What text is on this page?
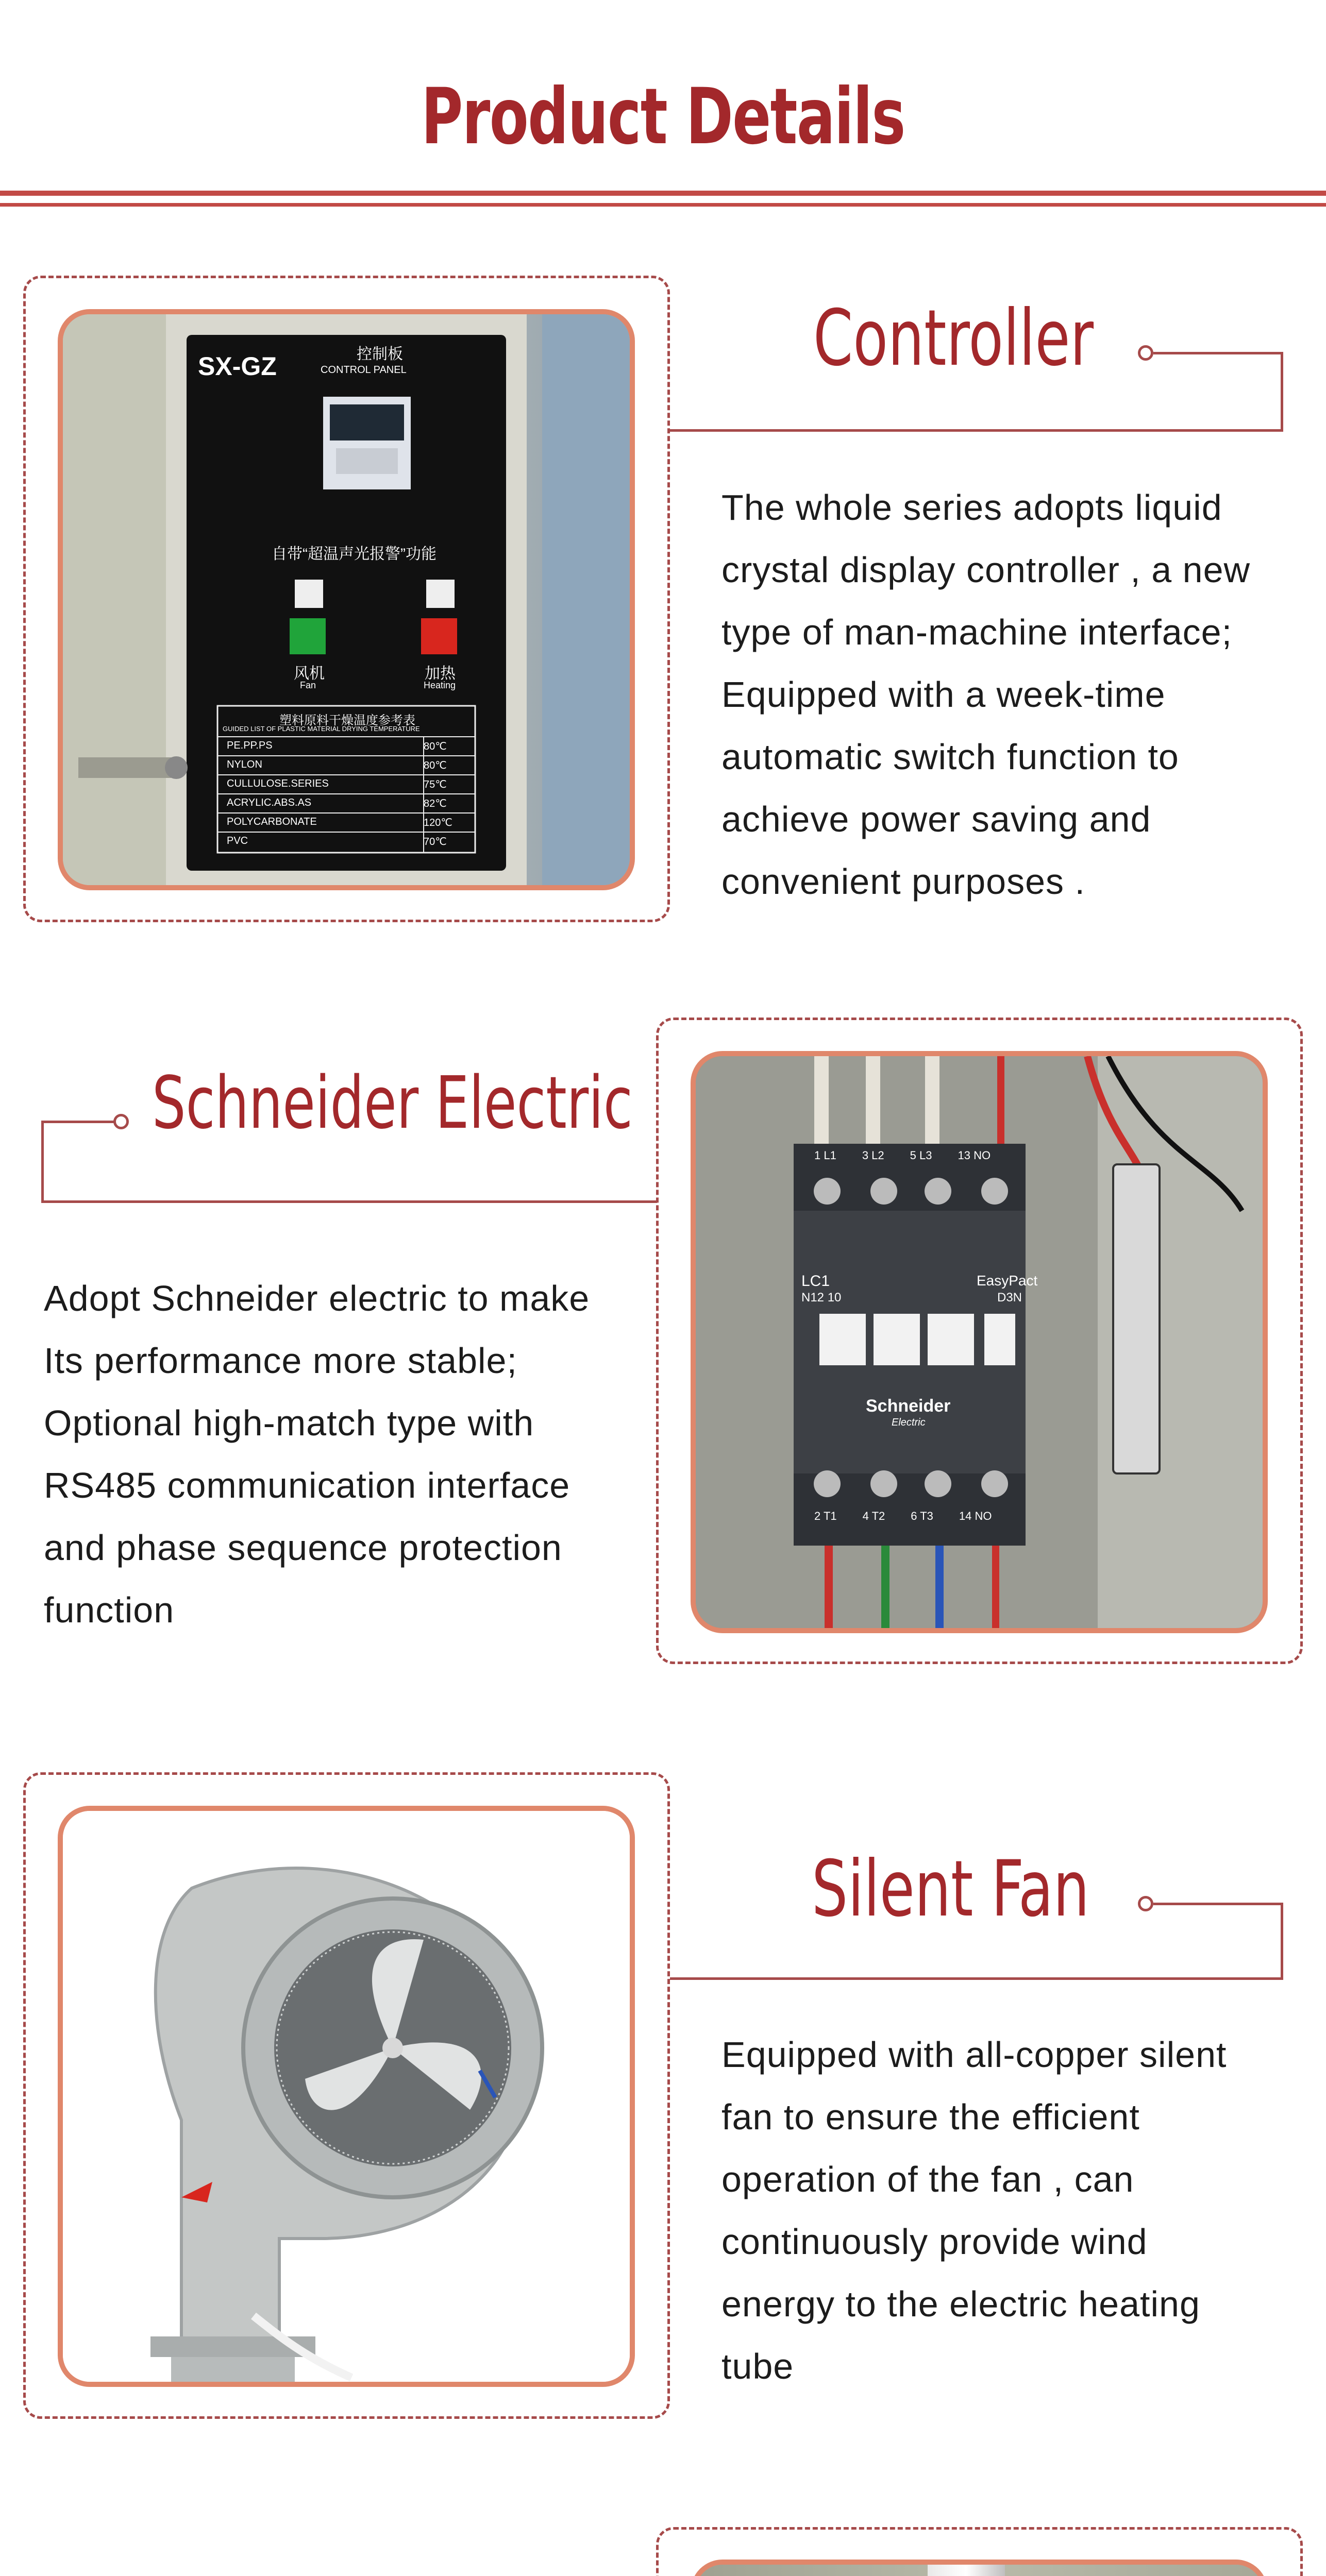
Product Details
SX-GZ	控制板
CONTROL PANEL
自带“超温声光报警”功能
风机
Fan
加热
Heating
塑料原料干燥温度参考表
GUIDED LIST OF PLASTIC MATERIAL DRYING TEMPERATURE
PE.PP.PS	80℃
NYLON	80℃
CULLULOSE.SERIES	75℃
ACRYLIC.ABS.AS	82℃
POLYCARBONATE	120℃
PVC	70℃
Controller
The whole series adopts liquid
crystal display controller , a new
type of man-machine interface;
Equipped with a week-time
automatic switch function to
achieve power saving and
convenient purposes .
Schneider Electric
Adopt Schneider electric to make
Its performance more stable;
Optional high-match type with
RS485 communication interface
and phase sequence protection
function
LC1
N12 10
EasyPact
D3N
Schneider
Electric
1 L1 3 L2 5 L3 13 NO
2 T1 4 T2 6 T3 14 NO
Silent Fan
Equipped with all-copper silent
fan to ensure the efficient
operation of the fan , can
continuously provide wind
energy to the electric heating
tube
